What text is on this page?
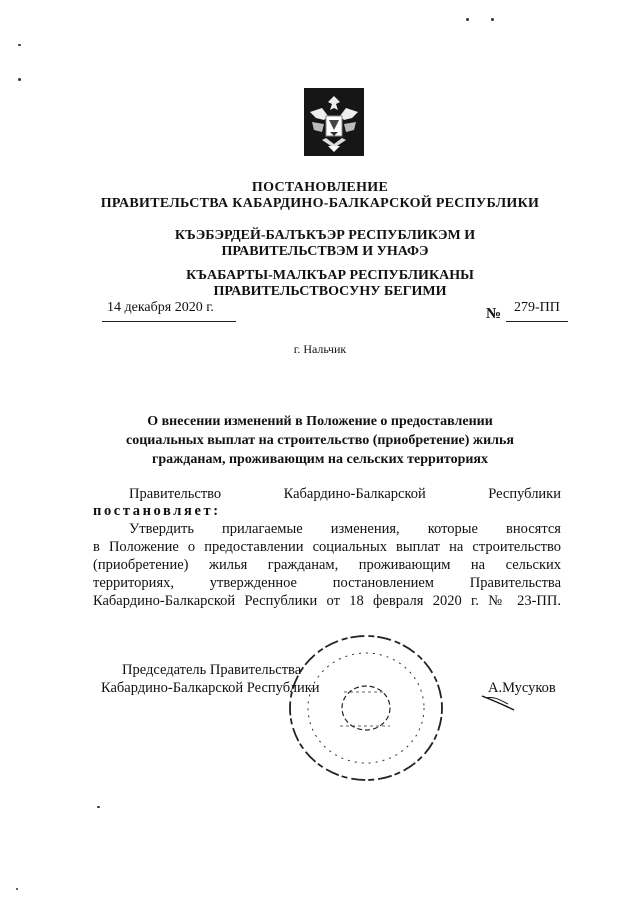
ПОСТАНОВЛЕНИЕ
ПРАВИТЕЛЬСТВА КАБАРДИНО-БАЛКАРСКОЙ РЕСПУБЛИКИ
КЪЭБЭРДЕЙ-БАЛЪКЪЭР РЕСПУБЛИКЭМ И ПРАВИТЕЛЬСТВЭМ И УНАФЭ
КЪАБАРТЫ-МАЛКЪАР РЕСПУБЛИКАНЫ ПРАВИТЕЛЬСТВОСУНУ БЕГИМИ
14 декабря 2020 г.	№ 279-ПП
г. Нальчик
О внесении изменений в Положение о предоставлении
социальных выплат на строительство (приобретение) жилья
гражданам, проживающим на сельских территориях
Правительство	Кабардино-Балкарской	Республики
постановляет:
Утвердить прилагаемые изменения, которые вносятся
в Положение о предоставлении социальных выплат на строительство
(приобретение) жилья гражданам, проживающим на сельских
территориях, утвержденное постановлением Правительства
Кабардино-Балкарской Республики от 18 февраля 2020 г. № 23-ПП.
Председатель Правительства
Кабардино-Балкарской Республики	А.Мусуков
